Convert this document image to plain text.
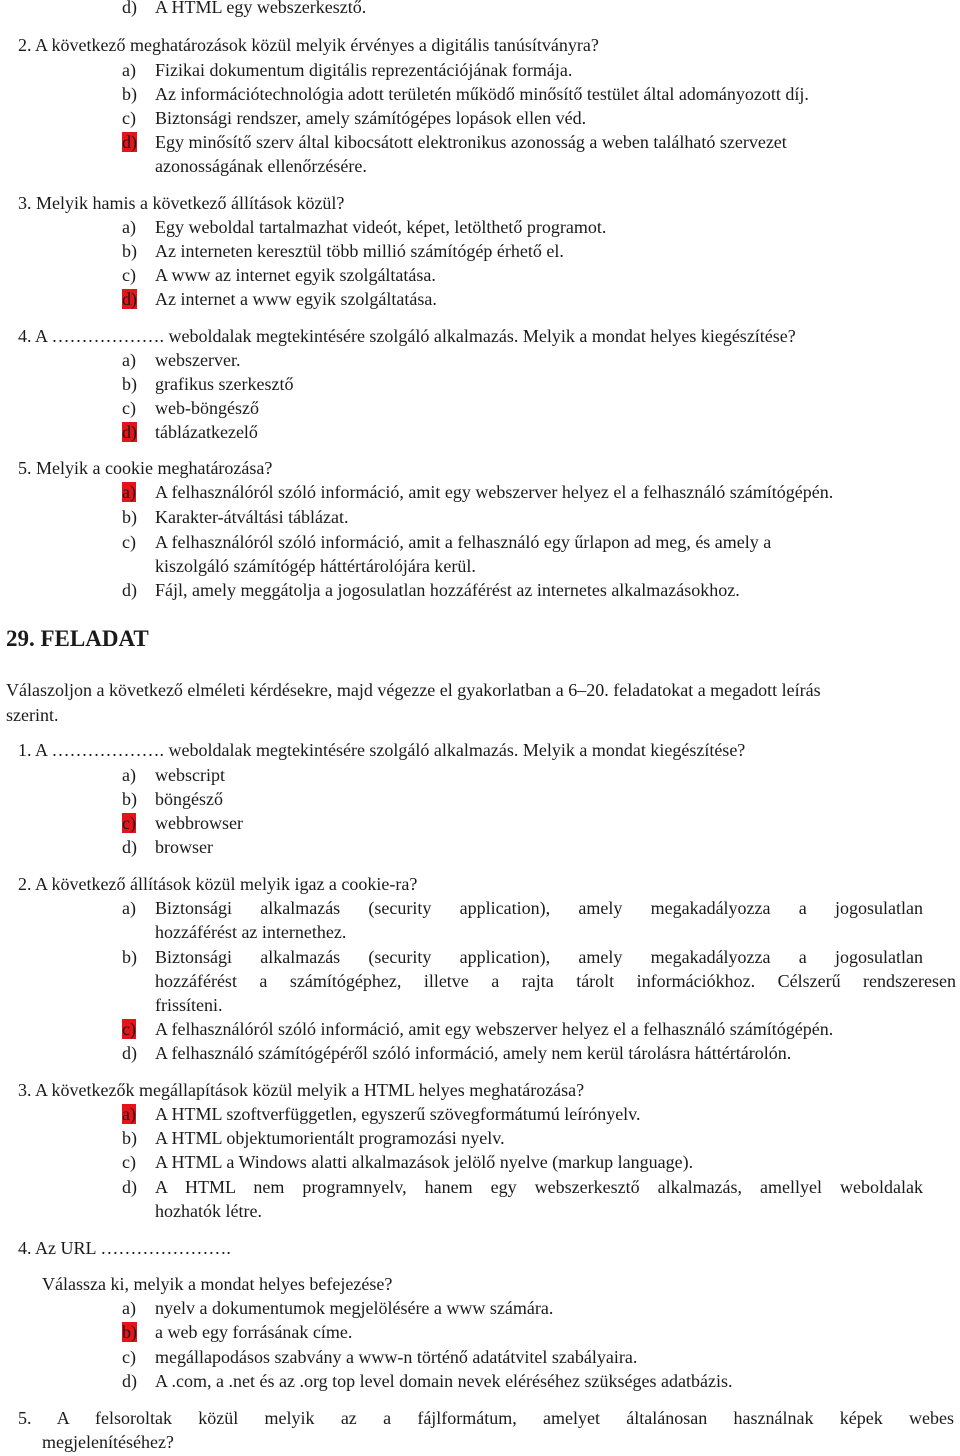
d) A HTML egy webszerkesztő.
2. A következő meghatározások közül melyik érvényes a digitális tanúsítványra?
a) Fizikai dokumentum digitális reprezentációjának formája.
b) Az információtechnológia adott területén működő minősítő testület által adományozott díj.
c) Biztonsági rendszer, amely számítógépes lopások ellen véd.
d) Egy minősítő szerv által kibocsátott elektronikus azonosság a weben található szervezet
azonosságának ellenőrzésére.
3. Melyik hamis a következő állítások közül?
a) Egy weboldal tartalmazhat videót, képet, letölthető programot.
b) Az interneten keresztül több millió számítógép érhető el.
c) A www az internet egyik szolgáltatása.
d) Az internet a www egyik szolgáltatása.
4. A ………………. weboldalak megtekintésére szolgáló alkalmazás. Melyik a mondat helyes kiegészítése?
a) webszerver.
b) grafikus szerkesztő
c) web-böngésző
d) táblázatkezelő
5. Melyik a cookie meghatározása?
a) A felhasználóról szóló információ, amit egy webszerver helyez el a felhasználó számítógépén.
b) Karakter-átváltási táblázat.
c) A felhasználóról szóló információ, amit a felhasználó egy űrlapon ad meg, és amely a
kiszolgáló számítógép háttértárolójára kerül.
d) Fájl, amely meggátolja a jogosulatlan hozzáférést az internetes alkalmazásokhoz.
29. FELADAT
Válaszoljon a következő elméleti kérdésekre, majd végezze el gyakorlatban a 6‒20. feladatokat a megadott leírás
szerint.
1. A ………………. weboldalak megtekintésére szolgáló alkalmazás. Melyik a mondat kiegészítése?
a) webscript
b) böngésző
c) webbrowser
d) browser
2. A következő állítások közül melyik igaz a cookie-ra?
a)	Biztonsági alkalmazás (security application), amely megakadályozza a jogosulatlan
hozzáférést az internethez.
b)	Biztonsági alkalmazás (security application), amely megakadályozza a jogosulatlan
hozzáférést a számítógéphez, illetve a rajta tárolt információkhoz. Célszerű rendszeresen
frissíteni.
c) A felhasználóról szóló információ, amit egy webszerver helyez el a felhasználó számítógépén.
d) A felhasználó számítógépéről szóló információ, amely nem kerül tárolásra háttértárolón.
3. A következők megállapítások közül melyik a HTML helyes meghatározása?
a) A HTML szoftverfüggetlen, egyszerű szövegformátumú leírónyelv.
b) A HTML objektumorientált programozási nyelv.
c) A HTML a Windows alatti alkalmazások jelölő nyelve (markup language).
d)	A HTML nem programnyelv, hanem egy webszerkesztő alkalmazás, amellyel weboldalak
hozhatók létre.
4. Az URL ………………….
Válassza ki, melyik a mondat helyes befejezése?
a) nyelv a dokumentumok megjelölésére a www számára.
b) a web egy forrásának címe.
c) megállapodásos szabvány a www-n történő adatátvitel szabályaira.
d) A .com, a .net és az .org top level domain nevek eléréséhez szükséges adatbázis.
5. A felsoroltak közül melyik az a fájlformátum, amelyet általánosan használnak képek webes
megjelenítéséhez?
